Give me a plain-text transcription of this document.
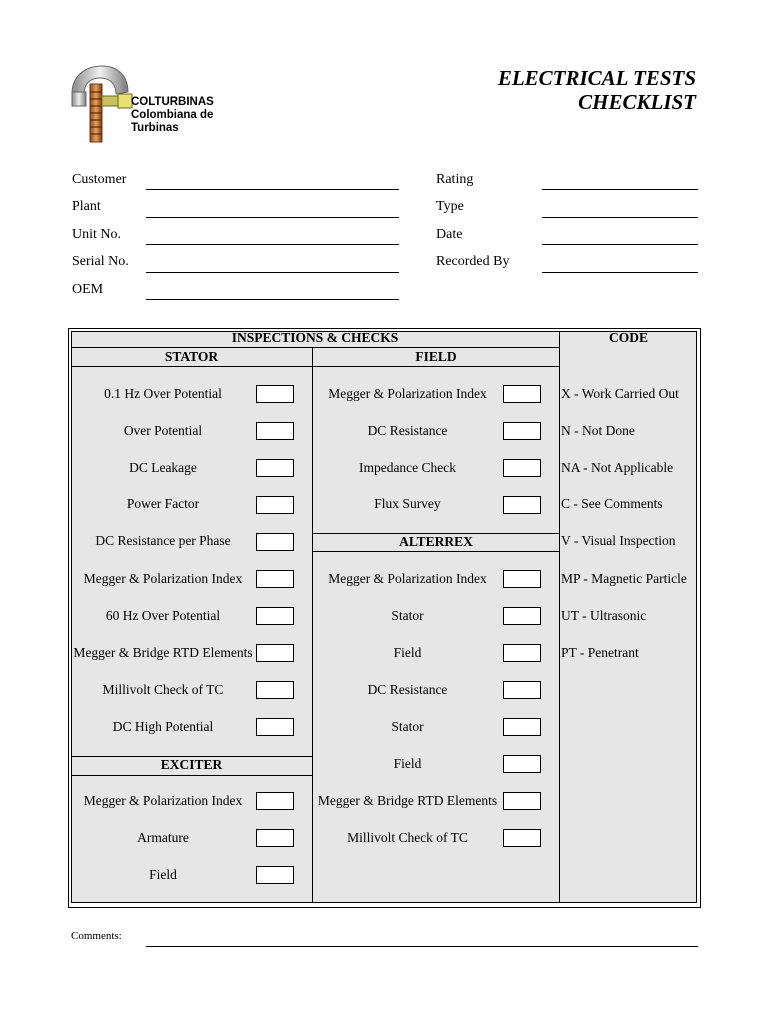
COLTURBINAS
Colombiana de
Turbinas
ELECTRICAL TESTS
CHECKLIST
Customer
Plant
Unit No.
Serial No.
OEM
Rating
Type
Date
Recorded By
INSPECTIONS & CHECKS	CODE
STATOR	FIELD
ALTERREX
EXCITER
0.1 Hz Over Potential
Over Potential
DC Leakage
Power Factor
DC Resistance per Phase
Megger & Polarization Index
60 Hz Over Potential
Megger & Bridge RTD Elements
Millivolt Check of TC
DC High Potential
Megger & Polarization Index
Armature
Field
Megger & Polarization Index
DC Resistance
Impedance Check
Flux Survey
Megger & Polarization Index
Stator
Field
DC Resistance
Stator
Field
Megger & Bridge RTD Elements
Millivolt Check of TC
X - Work Carried Out
N - Not Done
NA - Not Applicable
C - See Comments
V - Visual Inspection
MP - Magnetic Particle
UT - Ultrasonic
PT - Penetrant
Comments:
